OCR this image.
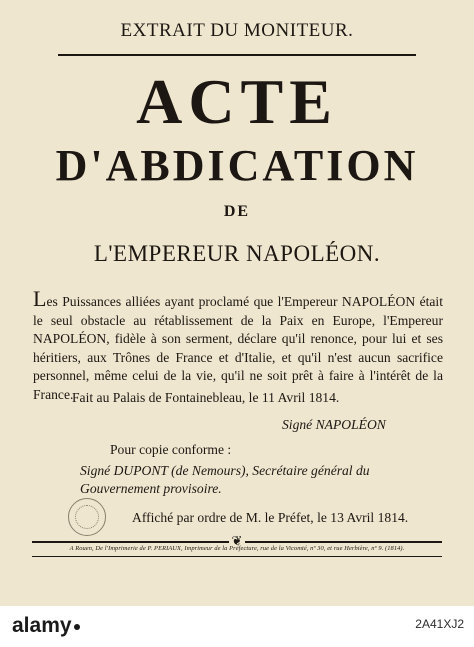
EXTRAIT DU MONITEUR.
ACTE
D'ABDICATION
DE
L'EMPEREUR NAPOLÉON.
Les Puissances alliées ayant proclamé que l'Empereur NAPOLÉON était le seul obstacle au rétablissement de la Paix en Europe, l'Empereur NAPOLÉON, fidèle à son serment, déclare qu'il renonce, pour lui et ses héritiers, aux Trônes de France et d'Italie, et qu'il n'est aucun sacrifice personnel, même celui de la vie, qu'il ne soit prêt à faire à l'intérêt de la France.
Fait au Palais de Fontainebleau, le 11 Avril 1814.
Signé NAPOLÉON
Pour copie conforme :
Signé DUPONT (de Nemours), Secrétaire général du
Gouvernement provisoire.
Affiché par ordre de M. le Préfet, le 13 Avril 1814.
❦
A Rouen, De l'Imprimerie de P. PERIAUX, Imprimeur de la Préfecture, rue de la Vicomté, nº 30, et rue Herbière, nº 9. (1814).
alamy	2A41XJ2
